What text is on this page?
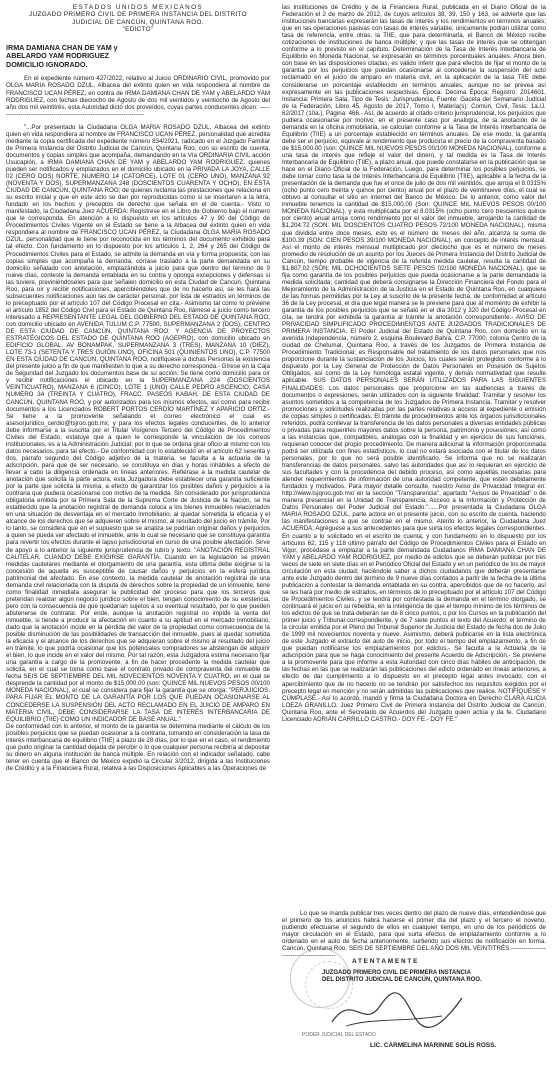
ESTADOS UNIDOS MEXICANOS
JUZGADO PRIMERO CIVIL DE PRIMERA INSTANCIA DEL DISTRITO
JUDICIAL DE CANCÚN, QUINTANA ROO.
"EDICTO"
IRMA DAMIANA CHAN DE YAM y
ABELARDO YAM RODRIGUEZ
DOMICILIO IGNORADO.

En el expediente número 427/2022, relativo al Juicio ORDINARIO CIVIL, promovido por OLGA MARIA ROSADO DZUL, Albacea del extinto quien en vida respondiera al nombre de FRANCISCO UCAN PÉREZ, en contra de IRMA DAMIANA CHAN DE YAM y ABELARDO YAM RODRIGUEZ, con fechas dieciocho de Agosto de dos mil veintidós y veintiocho de Agosto del año dos mil veintitrés, esta Autoridad dictó dos proveídos, cuyas partes conducentes dicen: ------------------------------------------------------------------------

"...Por presentado la Ciudadana OLGA MARIA ROSADO DZUL, Albacea del extinto quien en vida respondiera al nombre de FRANCISCO UCAN PÉREZ, personalidad que acredita mediante la copia certificada del expediente número 834/2021, radicado en el Juzgado Familiar de Primera Instancia del Distrito Judicial de Cancún, Quintana Roo, con su escrito de cuenta, documentos y copias simples que acompaña, demandando en la Vía ORDINARIA CIVIL acción Usucapión, a IRMA DAMIANA CHAN DE YAM y ABELARDO YAM RODRIGUEZ, quienes pueden ser notificados y emplazados en el domicilio ubicado en la PRIVADA LA JOYA, CALLE 02 (CERO DOS) NORTE, NUMERO 14 (CATORCE), LOTE 01 (CERO UNO), MANZANA 92 (NOVENTA Y DOS), SUPERMANZANA 248 (DOSCIENTOS CUARENTA Y OCHO), EN ESTA CIUDAD DE CANCÚN, QUINTANA ROO; de quienes reclama las prestaciones que relaciona en su escrito inicial y que en este acto se dan por reproducidas como si se insertaren a la letra, fundado en los hechos y preceptos de derecho que señala en el de cuenta.- Visto lo manifestado, la Ciudadana Juez ACUERDA: Regístrese en el Libro de Gobierno bajo el número que le corresponda. En atención a lo dispuesto en los artículos 47 y 90 del Código de Procedimientos Civiles Vigente en el Estado se tiene a la Albacea del extinto quien en vida respondiera al nombre de FRANCISCO UCAN PÉREZ, la Ciudadana OLGA MARIA ROSADO DZUL, personalidad que le tiene por reconocida en los términos del documento exhibido para tal efecto. Con fundamento en lo dispuesto por los artículos 1, 2, 264 y 265 del Código de Procedimientos Civiles para el Estado, se admite la demanda en vía y forma propuesta; con las copias simples que acompaña la demanda, córrase traslado a la parte demandada en su domicilio señalado con antelación, emplazándola a juicio para que dentro del término de 9 nueve días, conteste la demanda entablada en su contra y oponga excepciones y defensas si las tuviere, previniéndoseles para que señalen domicilio en esta Ciudad de Cancún, Quintana Roo, para oír y recibir notificaciones, apercibiéndoles que de no hacerlo así, se les hará las subsecuentes notificaciones aún las de carácter personal, por lista de estrados en términos de lo preceptuado por el artículo 107 del Código Procesal en cita.- Asimismo tal como lo previene el artículo 1852 del Código Civil para el Estado de Quintana Roo, llámese a juicio como tercero interesado a REPRESENTANTE LEGAL DEL GOBIERNO DEL ESTADO DE QUINTANA ROO, con domicilio ubicado en AVENIDA TULUM C.P. 77500, SUPERMANZANA 2 (DOS), CENTRO DE ESTA CIUDAD DE CANCÚN, QUINTANA ROO; Y AGENCIA DE PROYECTOS ESTRATÉGICOS DEL ESTADO DE QUINTANA ROO (AGEPRO), con domicilio ubicado en EDIFICIO GLOBAL, AV BONAMPAK, SUPERMANZANA 3 (TRES), MANZANA 10 (DIEZ), LOTE 73-1 (SETENTA Y TRES GUIÓN UNO), OFICINA 501 (QUINIENTOS UNO), C.P. 77500 EN ESTA CIUDAD DE CANCÚN, QUINTANA ROO, notifíquese a dichas Personas la existencia del presente juicio a fin de que manifiesten lo que a su derecho corresponda.- Gírese en la Caja de Seguridad del Juzgado los documentos base de su acción. Se tiene como domicilio para oír y recibir notificaciones el ubicado en la SUPERMANZANA 224 (DOSCIENTOS VEINTICUATRO), MANZANA 6 (CINCO), LOTE 1 (UNO) CALLE PEDRO ASCENCIO, CASA NUMERO 34 (TREINTA Y CUATRO), FRACC. PASEOS KABAH, DE ESTA CIUDAD DE CANCÚN, QUINTANA ROO, y por autorizados para los mismos efectos, así como para recibir documentos a los Licenciados ROBERT PORTOS CERDÍO MARTÍNEZ Y APARICIO ORTIZ.- Se tiene a la promovente señalando el correo electrónico el cual es asesorjuridico_cerdio@tsjroo.gob.mx; y para los efectos legales conducentes, de lo anterior debe informarse a la suscrita por el Titular Visígenos Tercero del Código de Procedimientos Civiles del Estado, estatuye que a quien le corresponde la vinculación de los correos institucionales, es a la Administración Judicial; por lo que se ordena girar oficio al mismo con los datos necesarios, para tal efecto.- De conformidad con lo establecido en el artículo 62 sesenta y dos, párrafo segundo del Código adjetivo de la materia, se faculta a la actuaria de la adscripción, para que de ser necesario, se constituya en días y horas inhábiles a efecto de llevar a cabo la diligencia ordenada en líneas anteriores. Refiérase a la medida cautelar de anotación que solicita la parte actora, esta Juzgadora debe establecer una garantía suficiente por la parte que solicita la misma, a efecto de garantizar los posibles daños y perjuicios a la contraria que pudiera ocasionarse con motivo de la medida. Sin considerado por jurisprudencia obligatoria emitida por la Primera Sala de la Suprema Corte de Justicia de la Nación, se ha establecido que la anotación registral de demanda coloca a los bienes inmuebles relacionados en una situación de desventaja en el mercado inmobiliario, al quedar sometida la eficacia y el alcance de los derechos que se adquieren sobre el mismo, al resultado del juicio en trámite. Por lo tanto, se considera que en el supuesto que se analiza se podrían originar daños y perjuicios a quien se pueda ver afectado el inmueble, ante lo cual se necesario que se constituya garantía para revertir los efectos durante el lapso jurisdiccional en curso de una posible afectación. Sirve de apoyo a lo anterior la siguiente jurisprudencia de rubro y texto: "ANOTACIÓN REGISTRAL CAUTELAR. CUANDO DEBE EXIGIRSE GARANTÍA. Cuando en la legislación se prevén medidas cautelares mediante el otorgamiento de una garantía, esta última debe exigirse si la concesión de aquella es susceptible de causar daños y perjuicios en la esfera jurídica patrimonial del afectado. En ese contexto, la medida cautelar de anotación registral de una demanda civil relacionada con la disputa de derechos sobre la propiedad de un inmueble, tiene como finalidad inmediata asegurar la publicidad del proceso para que los terceros que pretendan realizar algún negocio jurídico sobre el bien, tengan conocimiento de su existencia, pero con la consecuencia de que quedarían sujetos a su eventual resultado, por lo que pueden abstenerse de contratar. Por ende, aunque la anotación registral no impide la venta del inmueble, si tiende a producir la afectación en cuanto a su aptitud en el mercado inmobiliario, dado que la anotación incide en la pérdida del valor de la propiedad como consecuencia de la posible disminución de las posibilidades de transacción del inmueble, pues al quedar sometida la eficacia y el alcance de los derechos que se adquieran sobre el mismo al resultado del juicio en trámite, lo que podría ocasionar que los potenciales compradores se abstengan de adquirir el bien, lo que incide en el valor del mismo. Por tal razón, esta Juzgadora estima necesario fijar una garantía a cargo de la promovente, a fin de hacer procedente la medida cautelar que solicita, en el cual se toma como base el contrato privado de compraventa del inmueble de fecha SEIS DE SEPTIEMBRE DEL MIL NOVECIENTOS NOVENTA Y CUATRO, en el cual se desprende la cantidad por el monto de $15,000.00 (son: QUINCE MIL NUEVOS PESOS 00/100 MONEDA NACIONAL), el cual se considera para fijar la garantía que se otorga: "PERJUICIOS. PARA FIJAR EL MONTO DE LA GARANTÍA POR LOS QUE PUEDAN OCASIONARSE AL CONCEDERSE LA SUSPENSIÓN DEL ACTO RECLAMADO EN EL JUICIO DE AMPARO EN MATERIA CIVIL, DEBE CONSIDERARSE LA TASA DE INTERÉS INTERBANCARIA DE EQUILIBRIO (TIIE) COMO UN INDICADOR DE BASE ANUAL."

De conformidad con lo anterior, el monto de la garantía se determina mediante el cálculo de los posibles perjuicios que se puedan ocasionar a la contraria, tomando en consideración la tasa de interés interbancaria de equilibrio (TIIE) a plazo de 28 días, por lo que en el caso, el rendimiento que pudo originar la cantidad dejada de percibir o lo que cualquier persona recibiría al depositar su dinero en alguna institución de banca múltiple. En relación con el indicador señalado, cabe tener en cuenta que el Banco de México expidió la Circular 3/2012, dirigida a las Instituciones de Crédito y a la Financiera Rural, relativa a las Disposiciones Aplicables a las Operaciones de

las Instituciones de Crédito y de la Financiera Rural, publicada en el Diario Oficial de la Federación el 2 de marzo de 2012, de cuyos artículos 38, 39, 150 y 163, se advierte que las instituciones bancarias expresarán las tasas de interés y los rendimientos en términos anuales; que en las operaciones pasivas con tasas de interés variable, únicamente podrán utilizar como tasa de referencia, entre otras, la TIIE, que para determinarla, el Banco de México recibe cotizaciones de instituciones de banca múltiple; y que las tasas de interés que se obtengan conforme a lo previsto en el capítulo, Determinación de la Tasa de Interés Interbancaria de Equilibrio en Moneda Nacional, se expresarán en términos porcentuales anuales. Ahora bien, con base en las disposiciones citadas, es válido inferir que para efectos de fijar el monto de la garantía por los perjuicios que puedan ocasionarse al concederse la suspensión del acto reclamado en el juicio de amparo en materia civil, en la aplicación de la tasa TIIE debe considerarse un porcentaje establecido en términos anuales, aunque no se prevea así expresamente en las publicaciones respectivas. Época: Décima Época; Registro: 2014601, Instancia: Primera Sala, Tipo de Tesis: Jurisprudencia, Fuente: Gaceta del Semanario Judicial de la Federación, Libro 45, Agosto de 2017, Tomo I, Materia(s): Común, Civil, Tesis: 1a./J. 62/2017 (10a.), Página: 466.- Así, de acuerdo al citado criterio jurisprudencial, los perjuicios que pudiera ocasionarse por motivo, en el presente caso por analogía, de la anotación de la demanda en la oficina inmobiliaria, se calculan conforme a la Tasa de Interés Interbancaria de Equilibrio (TIIE) a un porcentaje establecido en términos anuales. De ese modo, la garantía debe ser el perjuicio, equivale al rendimiento que produciría el precio de la compraventa basado de $15,000.00 (son: QUINCE MIL NUEVOS PESOS 00/100 MONEDA NACIONAL), conforme a una tasa de interés que refleje el valor del dinero, y tal medida es la Tasa de Interés Interbancaria de Equilibrio (TIIE), a plazo anual, que puede constatarse en la publicación que se hace en el Diario Oficial de la Federación. Luego, para determinar los posibles perjuicios, se debe tomar como tasa la de Interés Interbancaria de Equilibrio (TIIE), aplicable a la fecha de la presentación de la demanda que fue el once de julio de dos mil veintidós, que arroja el 8.0315% (ocho punto cero treinta y quince por ciento) anual por el plazo de veintinueve días, el cual se obtuvo al consultar el sitio en internet del Banco de México. De lo anterior, como valor del inmueble tenemos la cantidad de $15,000.00 (Son: QUINCE MIL NUEVOS PESOS 00/100 MONEDA NACIONAL), y esta multiplicada por el 8.0315% (ocho punto cero trescientos quince por ciento) anual arroja como rendimiento por el valor del inmueble, arrojando la cantidad de $1,204.72 (SON: MIL DOSCIENTOS CUATRO PESOS 72/100 MONEDA NACIONAL), misma que dividida entre doce meses, esto es el número de meses del año, alcanza la suma de $100.39 (SON: CIEN PESOS 39/100 MONEDA NACIONAL), en concepto de interés mensual. Así el monto de interés mensual multiplicado por dieciocho que es el número de meses promedio de resolución de un asunto por los Jueces de Primera Instancia del Distrito Judicial de Cancún, tiempo probable de vigencia de la referida medida cautelar, resulta la cantidad de $1,807.02 (SON: MIL OCHOCIENTOS SIETE PESOS 02/100 MONEDA NACIONAL), que se fija como garantía de los posibles perjuicios que pueda ocasionarse a la parte demandada la medida solicitada; cantidad que deberá consignarse la Dirección Financiera del Fondo para el Mejoramiento de la Administración de la Justicia en el Estado de Quintana Roo, en cualquiera de las formas permitidas por la Ley al suscrito de la presente fecha, de conformidad al artículo 36 de la Ley procesal, el día que legal manera se le previene para que al momento de exhibir la garantía de los posibles perjuicios que se señaló en el día 3012 y 320 del Código Procesal en cita, se tendrá por exhibida la garantía al trámite la anotación correspondiente.- AVISO DE PRIVACIDAD SIMPLIFICADO PROCEDIMIENTOS ANTE JUZGADOS TRADICIONALES DE PRIMERA INSTANCIA. El Poder Judicial del Estado de Quintana Roo, con domicilio en la avenida Independencia, número 2, esquina Boulevard Bahía, C.P. 77000, colonia Centro de la ciudad de Chetumal, Quintana Roo, a través de los Juzgados de Primera Instancia de Procedimiento Tradicional; es Responsable del tratamiento de los datos personales que nos proporcione durante la sustanciación de los Juicios, los cuales serán protegidos conforme a lo dispuesto por la Ley General de Protección de Datos Personales en Posesión de Sujetos Obligados, así como de la Ley homóloga estatal vigente, y demás normatividad que resulte aplicable. SUS DATOS PERSONALES SERÁN UTILIZADOS PARA LAS SIGUIENTES FINALIDADES: Los datos personales que proporcione en las audiencias a través de documentos o expresiones, serán utilizados con la siguiente finalidad: Tramitar y resolver los asuntos sometidos a la competencia de los Juzgados de Primera Instancia. Tramitar y resolver promociones y solicitudes realizadas por las partes relativas a acceso al expediente o emisión de copias simples o certificadas. El trámite de procedimientos ante los órganos jurisdiccionales referidos, podrá conllevar la transferencia de los datos personales a diversas entidades públicas o privadas para requerirles mayores datos sobre la persona, patrimonio y posesiones, así como a las instancias que, compatibles, análogas con la finalidad y en ejercicio de sus funciones, requieran conocer del propio procedimiento. De manera adicional la información proporcionada podrá ser utilizada con fines estadísticos, lo cual no estará asociada con el titular de los datos personales, por lo que no será posible identificarlo. Se informa que no se realizarán transferencias de datos personales, salvo las autoridades que así lo requieran en ejercicio de sus facultades y con la procedencia del debido proceso, así como aquellas necesarias para atender requerimientos de información de una autoridad competente, que estén debidamente fundados y motivados. Para mayor detalle consulte, nuestro Aviso de Privacidad Integral en: http://www.tsjqroo.gob.mx/ en la sección "Transparencia", apartado "Avisos de Privacidad" o de manera presencial en la Unidad de Transparencia, Acceso a la Información y Protección de Datos Personales del Poder Judicial del Estado."......Por presentada la Ciudadana OLGA MARIA ROSADO DZUL, parte actora en el presente juicio, con su escrito de cuenta, haciendo las manifestaciones a que se contrae en el mismo. Atento lo anterior, la Ciudadana Juez ACUERDA: Agréguese a sus antecedentes para que surta los efectos legales correspondientes. En cuanto a lo solicitado en el escrito de cuenta, y con fundamento en lo dispuesto por los artículos 62, 115 y 118 último párrafo del Código de Procedimientos Civiles para el Estado en Vigor, procédase a emplazar a la parte demandada Ciudadanos IRMA DAMIANA CHAN DE YAM y ABELARDO YAM RODRIGUEZ, por medio de edictos que se deberán publicar por tres veces de siete en siete días en el Periódico Oficial del Estado y en un periódico de los de mayor circulación en esta ciudad; haciéndole saber a dichos ciudadanos que deberán presentarse ante este Juzgado dentro del término de 9 nueve días contados a partir de la fecha de la última publicación a contestar la demanda entablada en su contra, apercibidos que de no hacerlo, así se les hará por medio de estrados, en términos de lo preceptuado por el artículo 107 del Código de Procedimientos Civiles, y se tendrá por contestada la demanda en el término otorgado, se continuará el juicio en su rebeldía, en la inteligencia de que el tiempo mínimo de los términos de los edictos de que se trata deberán ser de 8 cinco puntos, o por los Cursos en la publicación del primer juicio y Tribunal correspondiente, y de 7 siete puntos el texto del Acuerdo; el término de la circular emitida por el Pleno del Tribunal Superior de Justicia del Estado de fecha dos de Julio de 1999 mil novecientos noventa y nueve. Asimismo, deberá publicarse en la lista electrónica de este Juzgado el extracto del auto de inicio, por todo el tiempo del emplazamiento, a fin de que puedan notificarse los emplazamientos por edictos.- Se faculta a la Actuaria de la adscripción para que se haga conocimiento del presente Acuerdo de Adscripción.- Se previene a la promovente para que informe a esta Autoridad con cinco días hábiles de anticipación, de las fechas en las que se realizarán las publicaciones del edicto ordenado en líneas anteriores, a efecto de dar cumplimiento a lo dispuesto en el precepto legal antes invocado, con el apercibimiento que de no hacerlo no se tendrán por satisfechos los requisitos exigidos por el precepto legal en mención y no serán admitidas las publicaciones que realice. NOTIFÍQUESE Y CÚMPLASE.- Así lo acordó, mandó y firma la Ciudadana Doctora en Derecho CLARA ALICIA LOEZA GRANILLO, Juez Primero Civil de Primera Instancia del Distrito Judicial de Cancún, Quintana Roo, ante el Secretario de Acuerdos del Juzgado quien actúa y da fe. Ciudadano Licenciado ADRIÁN CARRILLO CASTRO.- DOY FE.- DOY FE."

Lo que se manda publicar tres veces dentro del plazo de nueve días, entendiéndose que el primero de los anuncios habrá hacerse el primer día del plazo y el tercero el noveno, pudiendo efectuarse el segundo de ellos en cualquier tiempo, en uno de los periódicos de mayor circulación en el Estado, para que surta efectos de emplazamiento conforme a lo ordenado en el auto de fecha anteriormente, surtiendo sus efectos de notificación en forma. Cancún, Quintana Roo. SEIS DE SEPTIEMBRE DEL AÑO DOS MIL VEINTITRÉS.-------------------------------------------

ATENTAMENTE
JUZGADO PRIMERO CIVIL DE PRIMERA INSTANCIA
DEL DISTRITO JUDICIAL DE CANCÚN, QUINTANA ROO.
PODER JUDICIAL DEL ESTADO
LIC. CARMELINA MARINNE SOLÍS ROSS.
